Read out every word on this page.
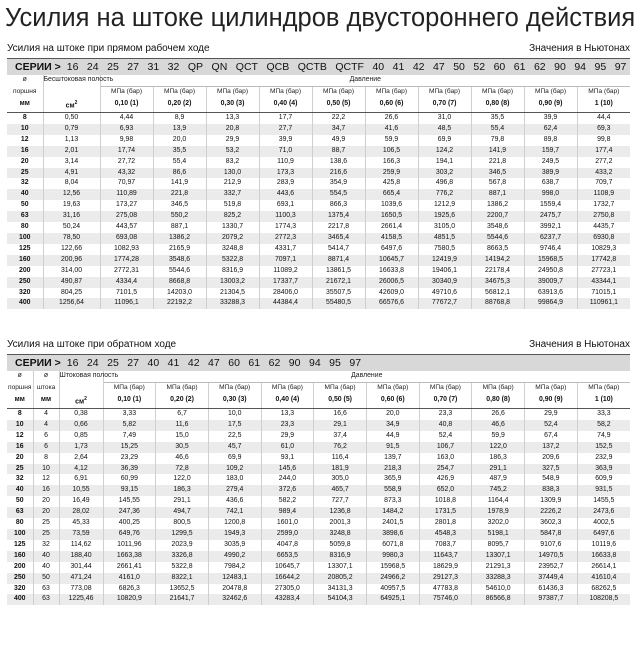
Усилия на штоке цилиндров двустороннего действия
Усилия на штоке при прямом рабочем ходе	Значения в Ньютонах
СЕРИИ > 16 24 25 27 31 32 QP QN QCT QCB QCTB QCTF 40 41 42 47 50 52 60 61 62 90 94 95 97
ø	Бесштоковая полость	Давление									
поршня		МПа (бар)	МПа (бар)	МПа (бар)	МПа (бар)	МПа (бар)	МПа (бар)	МПа (бар)	МПа (бар)	МПа (бар)	МПа (бар)
мм	$см^2$	0,10 (1)	0,20 (2)	0,30 (3)	0,40 (4)	0,50 (5)	0,60 (6)	0,70 (7)	0,80 (8)	0,90 (9)	1 (10)
8	0,50	4,44	8,9	13,3	17,7	22,2	26,6	31,0	35,5	39,9	44,4
10	0,79	6,93	13,9	20,8	27,7	34,7	41,6	48,5	55,4	62,4	69,3
12	1,13	9,98	20,0	29,9	39,9	49,9	59,9	69,9	79,8	89,8	99,8
16	2,01	17,74	35,5	53,2	71,0	88,7	106,5	124,2	141,9	159,7	177,4
20	3,14	27,72	55,4	83,2	110,9	138,6	166,3	194,1	221,8	249,5	277,2
25	4,91	43,32	86,6	130,0	173,3	216,6	259,9	303,2	346,5	389,9	433,2
32	8,04	70,97	141,9	212,9	283,9	354,9	425,8	496,8	567,8	638,7	709,7
40	12,56	110,89	221,8	332,7	443,6	554,5	665,4	776,2	887,1	998,0	1108,9
50	19,63	173,27	346,5	519,8	693,1	866,3	1039,6	1212,9	1386,2	1559,4	1732,7
63	31,16	275,08	550,2	825,2	1100,3	1375,4	1650,5	1925,6	2200,7	2475,7	2750,8
80	50,24	443,57	887,1	1330,7	1774,3	2217,8	2661,4	3105,0	3548,6	3992,1	4435,7
100	78,50	693,08	1386,2	2079,2	2772,3	3465,4	4158,5	4851,5	5544,6	6237,7	6930,8
125	122,66	1082,93	2165,9	3248,8	4331,7	5414,7	6497,6	7580,5	8663,5	9746,4	10829,3
160	200,96	1774,28	3548,6	5322,8	7097,1	8871,4	10645,7	12419,9	14194,2	15968,5	17742,8
200	314,00	2772,31	5544,6	8316,9	11089,2	13861,5	16633,8	19406,1	22178,4	24950,8	27723,1
250	490,87	4334,4	8668,8	13003,2	17337,7	21672,1	26006,5	30340,9	34675,3	39009,7	43344,1
320	804,25	7101,5	14203,0	21304,5	28406,0	35507,5	42609,0	49710,6	56812,1	63913,6	71015,1
400	1256,64	11096,1	22192,2	33288,3	44384,4	55480,5	66576,6	77672,7	88768,8	99864,9	110961,1
Усилия на штоке при обратном ходе	Значения в Ньютонах
СЕРИИ > 16 24 25 27 40 41 42 47 60 61 62 90 94 95 97
ø	ø	Штоковая полость	Давление									
поршня	штока		МПа (бар)	МПа (бар)	МПа (бар)	МПа (бар)	МПа (бар)	МПа (бар)	МПа (бар)	МПа (бар)	МПа (бар)	МПа (бар)
мм	мм	$см^2$	0,10 (1)	0,20 (2)	0,30 (3)	0,40 (4)	0,50 (5)	0,60 (6)	0,70 (7)	0,80 (8)	0,90 (9)	1 (10)
8	4	0,38	3,33	6,7	10,0	13,3	16,6	20,0	23,3	26,6	29,9	33,3
10	4	0,66	5,82	11,6	17,5	23,3	29,1	34,9	40,8	46,6	52,4	58,2
12	6	0,85	7,49	15,0	22,5	29,9	37,4	44,9	52,4	59,9	67,4	74,9
16	6	1,73	15,25	30,5	45,7	61,0	76,2	91,5	106,7	122,0	137,2	152,5
20	8	2,64	23,29	46,6	69,9	93,1	116,4	139,7	163,0	186,3	209,6	232,9
25	10	4,12	36,39	72,8	109,2	145,6	181,9	218,3	254,7	291,1	327,5	363,9
32	12	6,91	60,99	122,0	183,0	244,0	305,0	365,9	426,9	487,9	548,9	609,9
40	16	10,55	93,15	186,3	279,4	372,6	465,7	558,9	652,0	745,2	838,3	931,5
50	20	16,49	145,55	291,1	436,6	582,2	727,7	873,3	1018,8	1164,4	1309,9	1455,5
63	20	28,02	247,36	494,7	742,1	989,4	1236,8	1484,2	1731,5	1978,9	2226,2	2473,6
80	25	45,33	400,25	800,5	1200,8	1601,0	2001,3	2401,5	2801,8	3202,0	3602,3	4002,5
100	25	73,59	649,76	1299,5	1949,3	2599,0	3248,8	3898,6	4548,3	5198,1	5847,8	6497,6
125	32	114,62	1011,96	2023,9	3035,9	4047,8	5059,8	6071,8	7083,7	8095,7	9107,6	10119,6
160	40	188,40	1663,38	3326,8	4990,2	6653,5	8316,9	9980,3	11643,7	13307,1	14970,5	16633,8
200	40	301,44	2661,41	5322,8	7984,2	10645,7	13307,1	15968,5	18629,9	21291,3	23952,7	26614,1
250	50	471,24	4161,0	8322,1	12483,1	16644,2	20805,2	24966,2	29127,3	33288,3	37449,4	41610,4
320	63	773,08	6826,3	13652,5	20478,8	27305,0	34131,3	40957,5	47783,8	54610,0	61436,3	68262,5
400	63	1225,46	10820,9	21641,7	32462,6	43283,4	54104,3	64925,1	75746,0	86566,8	97387,7	108208,5
